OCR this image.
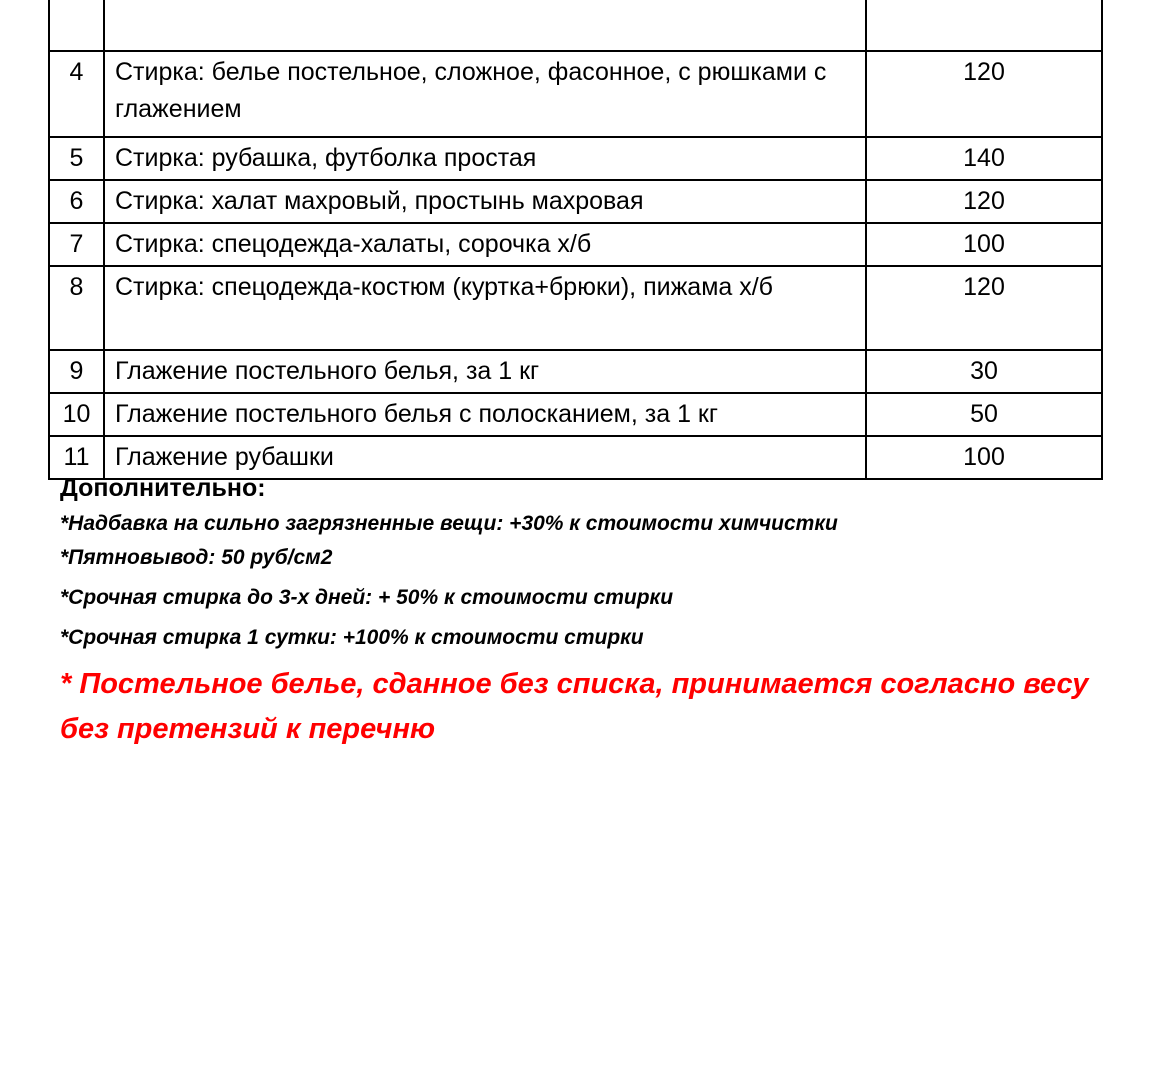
4	Стирка: белье постельное, сложное, фасонное, с рюшками с глажением	120
5	Стирка: рубашка, футболка простая	140
6	Стирка: халат махровый, простынь махровая	120
7	Стирка: спецодежда-халаты, сорочка х/б	100
8	Стирка: спецодежда-костюм (куртка+брюки), пижама х/б	120
9	Глажение постельного белья, за 1 кг	30
10	Глажение постельного белья с полосканием, за 1 кг	50
11	Глажение рубашки	100

Дополнительно:

*Надбавка на сильно загрязненные вещи: +30% к стоимости химчистки

*Пятновывод: 50 руб/см2

*Срочная стирка до 3-х дней: + 50% к стоимости стирки

*Срочная стирка 1 сутки: +100% к стоимости стирки

* Постельное белье, сданное без списка, принимается согласно весу без претензий к перечню
